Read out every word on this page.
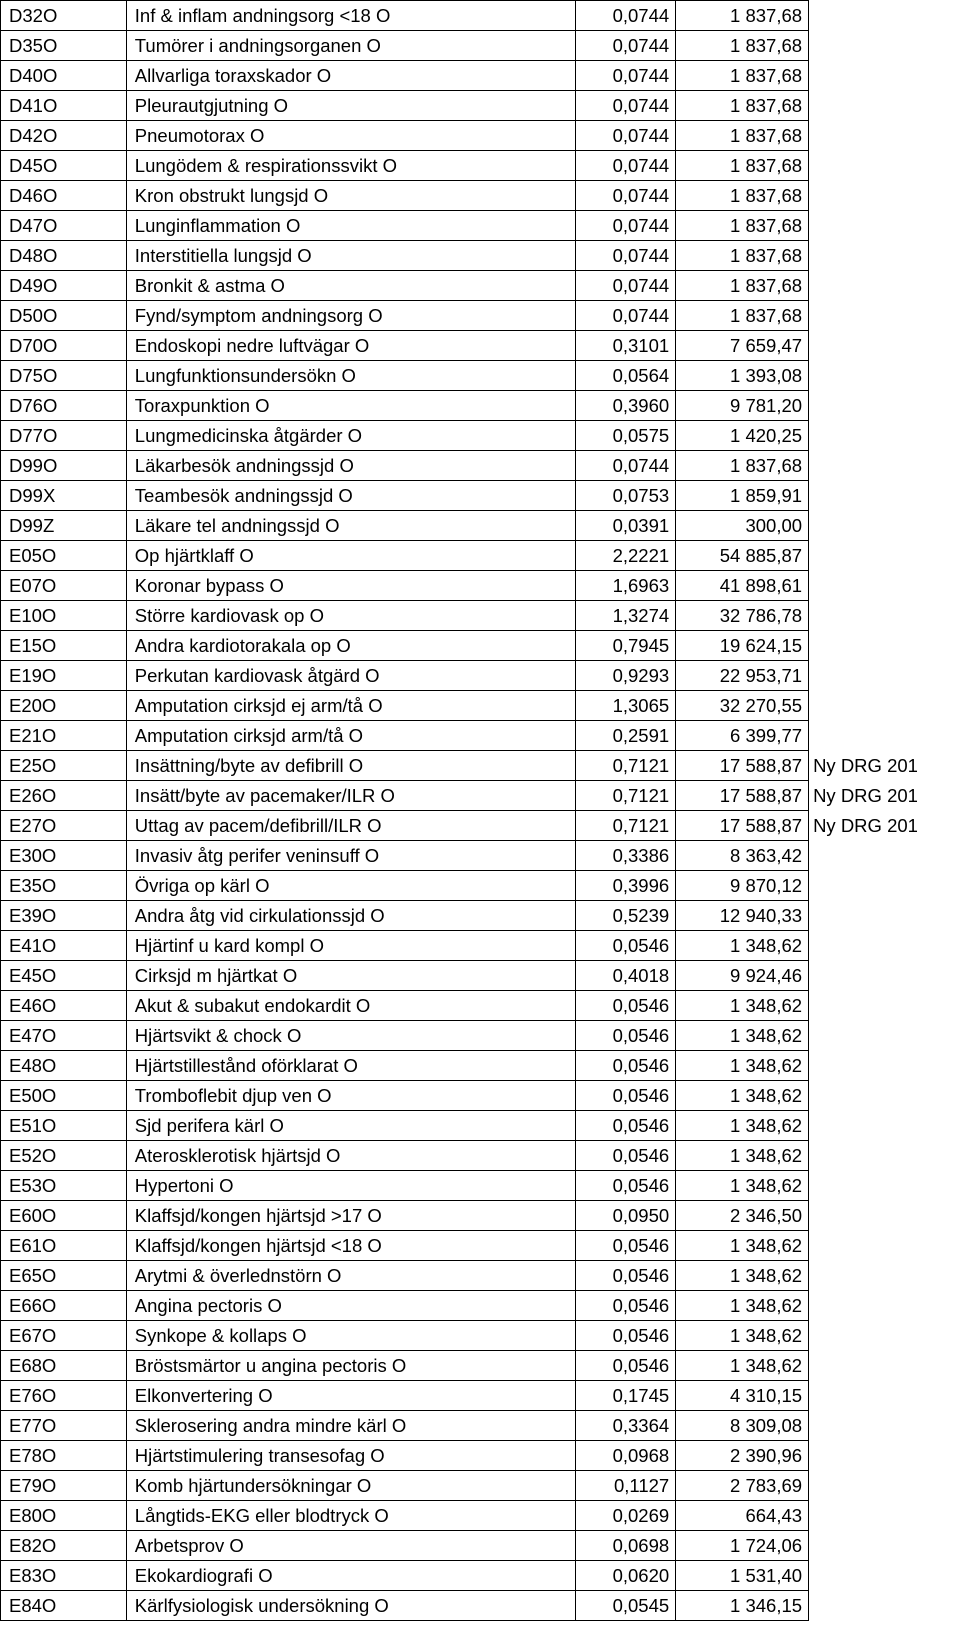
D32O	Inf & inflam andningsorg <18 O	0,0744	1 837,68	
D35O	Tumörer i andningsorganen O	0,0744	1 837,68	
D40O	Allvarliga toraxskador O	0,0744	1 837,68	
D41O	Pleurautgjutning O	0,0744	1 837,68	
D42O	Pneumotorax O	0,0744	1 837,68	
D45O	Lungödem & respirationssvikt O	0,0744	1 837,68	
D46O	Kron obstrukt lungsjd O	0,0744	1 837,68	
D47O	Lunginflammation O	0,0744	1 837,68	
D48O	Interstitiella lungsjd O	0,0744	1 837,68	
D49O	Bronkit & astma O	0,0744	1 837,68	
D50O	Fynd/symptom andningsorg O	0,0744	1 837,68	
D70O	Endoskopi nedre luftvägar O	0,3101	7 659,47	
D75O	Lungfunktionsundersökn O	0,0564	1 393,08	
D76O	Toraxpunktion O	0,3960	9 781,20	
D77O	Lungmedicinska åtgärder O	0,0575	1 420,25	
D99O	Läkarbesök andningssjd O	0,0744	1 837,68	
D99X	Teambesök andningssjd O	0,0753	1 859,91	
D99Z	Läkare tel andningssjd O	0,0391	300,00	
E05O	Op hjärtklaff O	2,2221	54 885,87	
E07O	Koronar bypass O	1,6963	41 898,61	
E10O	Större kardiovask op O	1,3274	32 786,78	
E15O	Andra kardiotorakala op O	0,7945	19 624,15	
E19O	Perkutan kardiovask åtgärd O	0,9293	22 953,71	
E20O	Amputation cirksjd ej arm/tå O	1,3065	32 270,55	
E21O	Amputation cirksjd arm/tå O	0,2591	6 399,77	
E25O	Insättning/byte av defibrill O	0,7121	17 588,87	Ny DRG 201
E26O	Insätt/byte av pacemaker/ILR O	0,7121	17 588,87	Ny DRG 201
E27O	Uttag av pacem/defibrill/ILR O	0,7121	17 588,87	Ny DRG 201
E30O	Invasiv åtg perifer veninsuff O	0,3386	8 363,42	
E35O	Övriga op kärl O	0,3996	9 870,12	
E39O	Andra åtg vid cirkulationssjd O	0,5239	12 940,33	
E41O	Hjärtinf u kard kompl O	0,0546	1 348,62	
E45O	Cirksjd m hjärtkat O	0,4018	9 924,46	
E46O	Akut & subakut endokardit O	0,0546	1 348,62	
E47O	Hjärtsvikt & chock O	0,0546	1 348,62	
E48O	Hjärtstillestånd oförklarat O	0,0546	1 348,62	
E50O	Tromboflebit djup ven O	0,0546	1 348,62	
E51O	Sjd perifera kärl O	0,0546	1 348,62	
E52O	Aterosklerotisk hjärtsjd O	0,0546	1 348,62	
E53O	Hypertoni O	0,0546	1 348,62	
E60O	Klaffsjd/kongen hjärtsjd >17 O	0,0950	2 346,50	
E61O	Klaffsjd/kongen hjärtsjd <18 O	0,0546	1 348,62	
E65O	Arytmi & överlednstörn O	0,0546	1 348,62	
E66O	Angina pectoris O	0,0546	1 348,62	
E67O	Synkope & kollaps O	0,0546	1 348,62	
E68O	Bröstsmärtor u angina pectoris O	0,0546	1 348,62	
E76O	Elkonvertering O	0,1745	4 310,15	
E77O	Sklerosering andra mindre kärl O	0,3364	8 309,08	
E78O	Hjärtstimulering transesofag O	0,0968	2 390,96	
E79O	Komb hjärtundersökningar O	0,1127	2 783,69	
E80O	Långtids-EKG eller blodtryck O	0,0269	664,43	
E82O	Arbetsprov O	0,0698	1 724,06	
E83O	Ekokardiografi O	0,0620	1 531,40	
E84O	Kärlfysiologisk undersökning O	0,0545	1 346,15	
